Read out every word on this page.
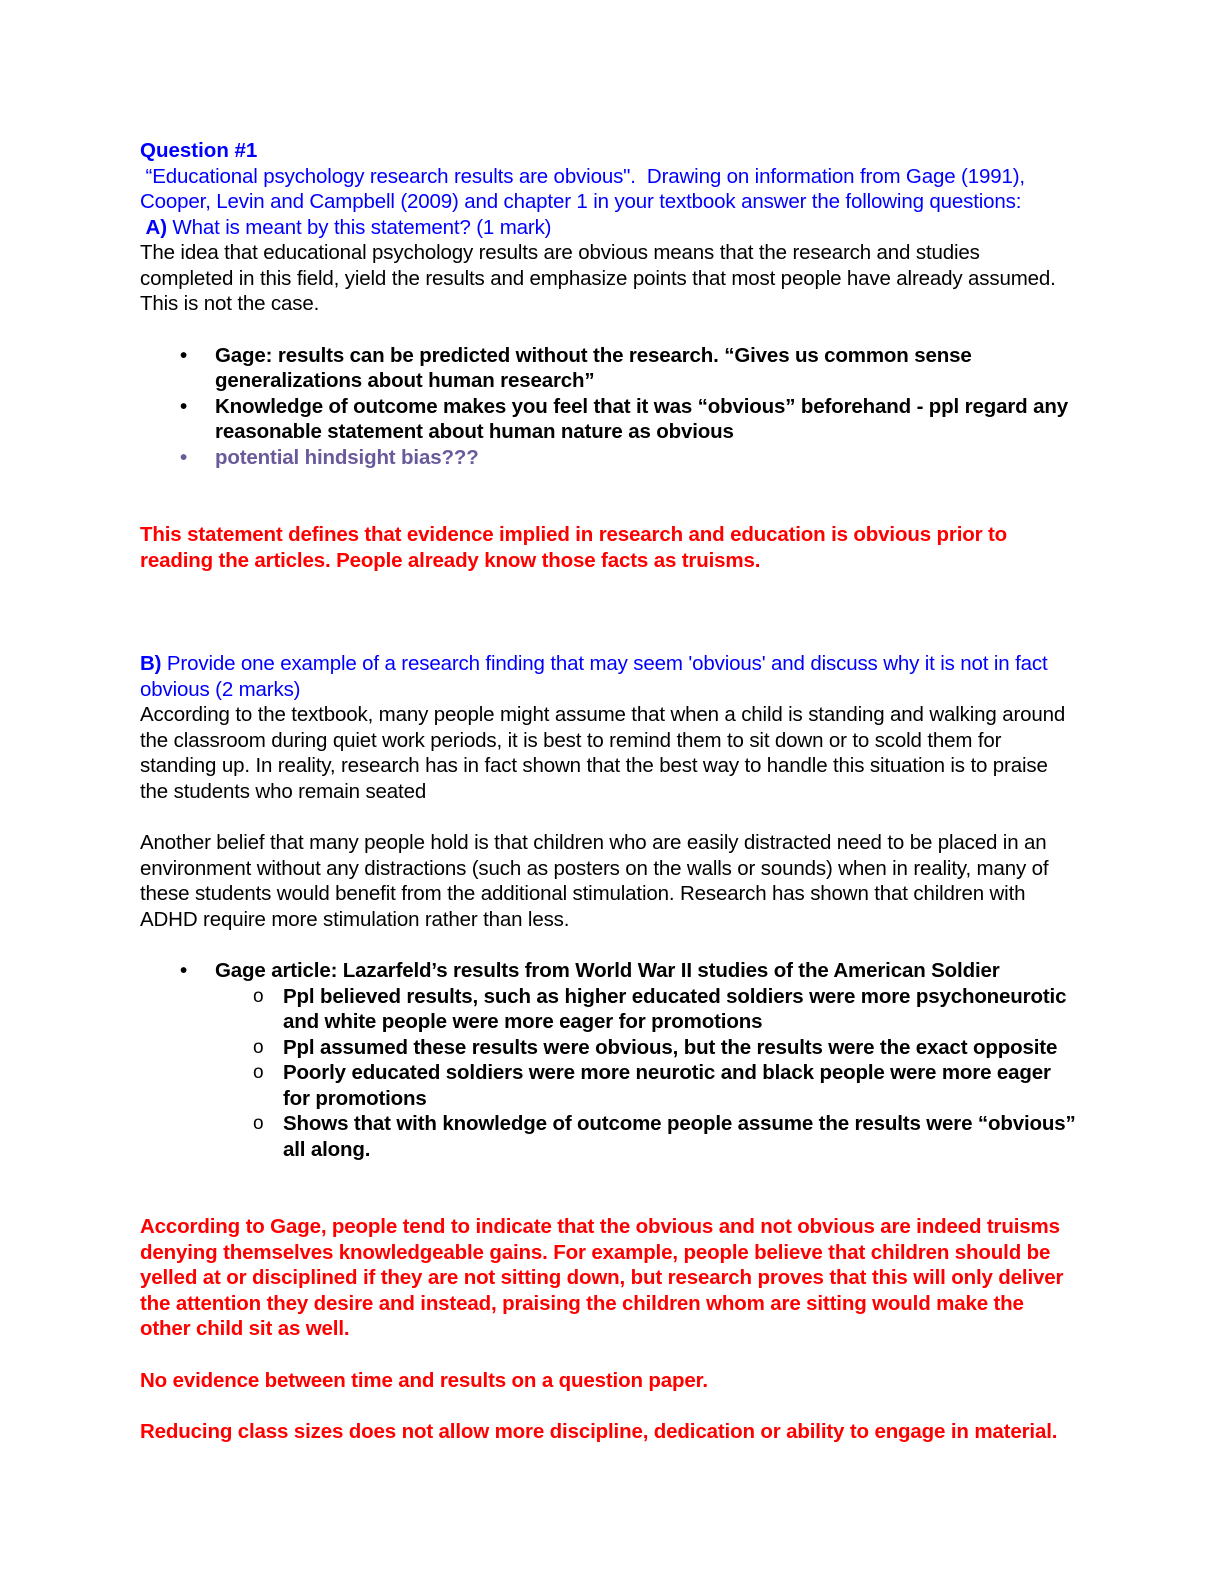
Question #1

“Educational psychology research results are obvious".  Drawing on information from Gage (1991), Cooper, Levin and Campbell (2009) and chapter 1 in your textbook answer the following questions:

A) What is meant by this statement? (1 mark)

The idea that educational psychology results are obvious means that the research and studies completed in this field, yield the results and emphasize points that most people have already assumed. This is not the case.

• Gage: results can be predicted without the research. “Gives us common sense generalizations about human research”
• Knowledge of outcome makes you feel that it was “obvious” beforehand - ppl regard any reasonable statement about human nature as obvious
• potential hindsight bias???

This statement defines that evidence implied in research and education is obvious prior to reading the articles. People already know those facts as truisms.

B) Provide one example of a research finding that may seem 'obvious' and discuss why it is not in fact obvious (2 marks)

According to the textbook, many people might assume that when a child is standing and walking around the classroom during quiet work periods, it is best to remind them to sit down or to scold them for standing up. In reality, research has in fact shown that the best way to handle this situation is to praise the students who remain seated

Another belief that many people hold is that children who are easily distracted need to be placed in an environment without any distractions (such as posters on the walls or sounds) when in reality, many of these students would benefit from the additional stimulation. Research has shown that children with ADHD require more stimulation rather than less.

• Gage article: Lazarfeld’s results from World War II studies of the American Soldier
o Ppl believed results, such as higher educated soldiers were more psychoneurotic and white people were more eager for promotions
o Ppl assumed these results were obvious, but the results were the exact opposite
o Poorly educated soldiers were more neurotic and black people were more eager for promotions
o Shows that with knowledge of outcome people assume the results were “obvious” all along.

According to Gage, people tend to indicate that the obvious and not obvious are indeed truisms denying themselves knowledgeable gains. For example, people believe that children should be yelled at or disciplined if they are not sitting down, but research proves that this will only deliver the attention they desire and instead, praising the children whom are sitting would make the other child sit as well.

No evidence between time and results on a question paper.

Reducing class sizes does not allow more discipline, dedication or ability to engage in material.
